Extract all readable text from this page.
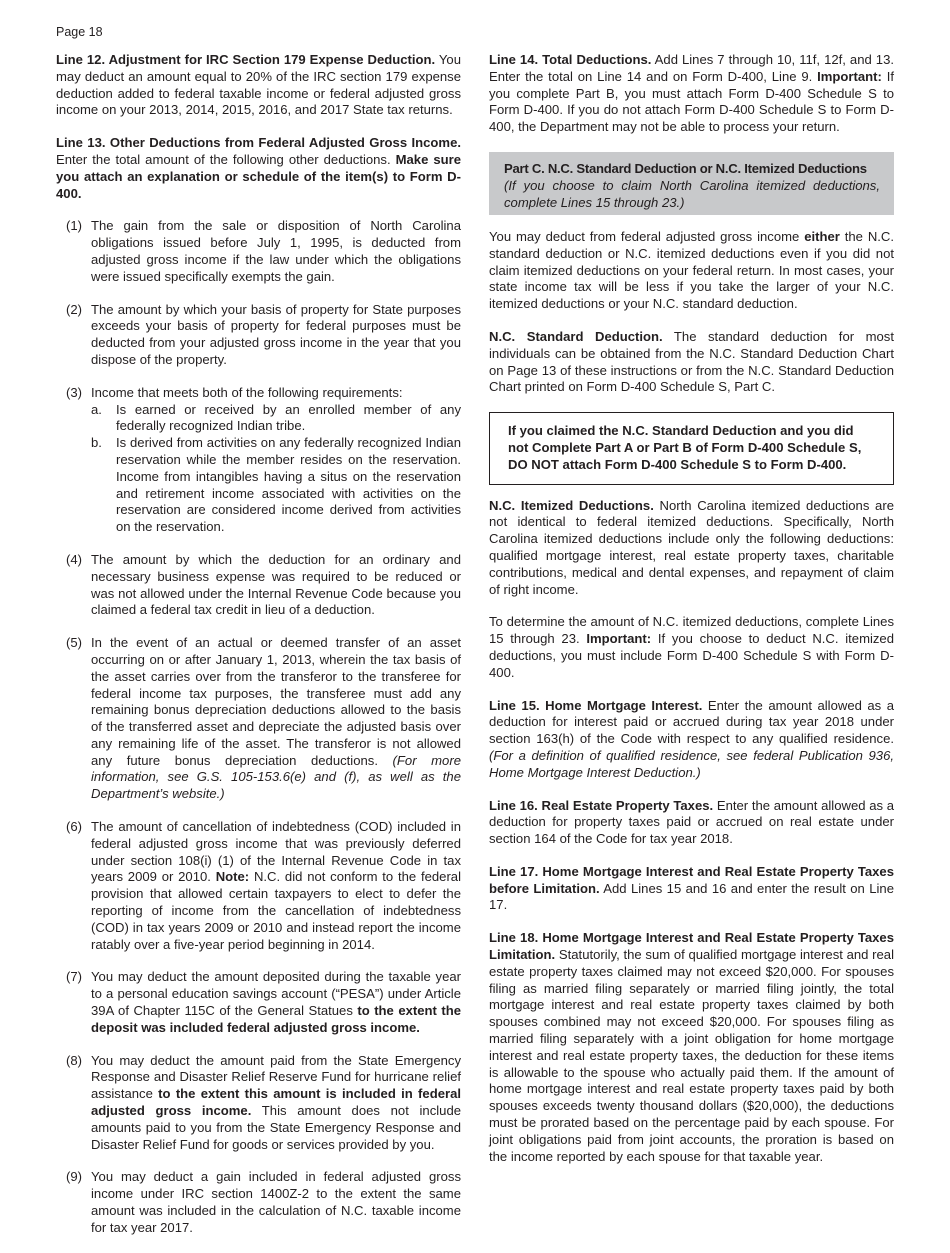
Page 18

Line 12. Adjustment for IRC Section 179 Expense Deduction. You may deduct an amount equal to 20% of the IRC section 179 expense deduction added to federal taxable income or federal adjusted gross income on your 2013, 2014, 2015, 2016, and 2017 State tax returns.

Line 13. Other Deductions from Federal Adjusted Gross Income. Enter the total amount of the following other deductions. Make sure you attach an explanation or schedule of the item(s) to Form D-400.

(1) The gain from the sale or disposition of North Carolina obligations issued before July 1, 1995, is deducted from adjusted gross income if the law under which the obligations were issued specifically exempts the gain.

(2) The amount by which your basis of property for State purposes exceeds your basis of property for federal purposes must be deducted from your adjusted gross income in the year that you dispose of the property.

(3) Income that meets both of the following requirements:

a.	Is earned or received by an enrolled member of any federally recognized Indian tribe.

b.	Is derived from activities on any federally recognized Indian reservation while the member resides on the reservation. Income from intangibles having a situs on the reservation and retirement income associated with activities on the reservation are considered income derived from activities on the reservation.

(4) The amount by which the deduction for an ordinary and necessary business expense was required to be reduced or was not allowed under the Internal Revenue Code because you claimed a federal tax credit in lieu of a deduction.

(5) In the event of an actual or deemed transfer of an asset occurring on or after January 1, 2013, wherein the tax basis of the asset carries over from the transferor to the transferee for federal income tax purposes, the transferee must add any remaining bonus depreciation deductions allowed to the basis of the transferred asset and depreciate the adjusted basis over any remaining life of the asset. The transferor is not allowed any future bonus depreciation deductions. (For more information, see G.S. 105-153.6(e) and (f), as well as the Department’s website.)

(6) The amount of cancellation of indebtedness (COD) included in federal adjusted gross income that was previously deferred under section 108(i) (1) of the Internal Revenue Code in tax years 2009 or 2010. Note: N.C. did not conform to the federal provision that allowed certain taxpayers to elect to defer the reporting of income from the cancellation of indebtedness (COD) in tax years 2009 or 2010 and instead report the income ratably over a five-year period beginning in 2014.

(7) You may deduct the amount deposited during the taxable year to a personal education savings account (“PESA”) under Article 39A of Chapter 115C of the General Statues to the extent the deposit was included federal adjusted gross income.

(8) You may deduct the amount paid from the State Emergency Response and Disaster Relief Reserve Fund for hurricane relief assistance to the extent this amount is included in federal adjusted gross income. This amount does not include amounts paid to you from the State Emergency Response and Disaster Relief Fund for goods or services provided by you.

(9) You may deduct a gain included in federal adjusted gross income under IRC section 1400Z-2 to the extent the same amount was included in the calculation of N.C. taxable income for tax year 2017.

Line 14. Total Deductions. Add Lines 7 through 10, 11f, 12f, and 13. Enter the total on Line 14 and on Form D-400, Line 9. Important: If you complete Part B, you must attach Form D-400 Schedule S to Form D-400. If you do not attach Form D-400 Schedule S to Form D-400, the Department may not be able to process your return.

Part C. N.C. Standard Deduction or N.C. Itemized Deductions
(If you choose to claim North Carolina itemized deductions, complete Lines 15 through 23.)

You may deduct from federal adjusted gross income either the N.C. standard deduction or N.C. itemized deductions even if you did not claim itemized deductions on your federal return. In most cases, your state income tax will be less if you take the larger of your N.C. itemized deductions or your N.C. standard deduction.

N.C. Standard Deduction. The standard deduction for most individuals can be obtained from the N.C. Standard Deduction Chart on Page 13 of these instructions or from the N.C. Standard Deduction Chart printed on Form D-400 Schedule S, Part C.

If you claimed the N.C. Standard Deduction and you did not Complete Part A or Part B of Form D-400 Schedule S, DO NOT attach Form D-400 Schedule S to Form D-400.

N.C. Itemized Deductions. North Carolina itemized deductions are not identical to federal itemized deductions. Specifically, North Carolina itemized deductions include only the following deductions: qualified mortgage interest, real estate property taxes, charitable contributions, medical and dental expenses, and repayment of claim of right income.

To determine the amount of N.C. itemized deductions, complete Lines 15 through 23. Important: If you choose to deduct N.C. itemized deductions, you must include Form D-400 Schedule S with Form D-400.

Line 15. Home Mortgage Interest. Enter the amount allowed as a deduction for interest paid or accrued during tax year 2018 under section 163(h) of the Code with respect to any qualified residence. (For a definition of qualified residence, see federal Publication 936, Home Mortgage Interest Deduction.)

Line 16. Real Estate Property Taxes. Enter the amount allowed as a deduction for property taxes paid or accrued on real estate under section 164 of the Code for tax year 2018.

Line 17. Home Mortgage Interest and Real Estate Property Taxes before Limitation. Add Lines 15 and 16 and enter the result on Line 17.

Line 18. Home Mortgage Interest and Real Estate Property Taxes Limitation. Statutorily, the sum of qualified mortgage interest and real estate property taxes claimed may not exceed $20,000. For spouses filing as married filing separately or married filing jointly, the total mortgage interest and real estate property taxes claimed by both spouses combined may not exceed $20,000. For spouses filing as married filing separately with a joint obligation for home mortgage interest and real estate property taxes, the deduction for these items is allowable to the spouse who actually paid them. If the amount of home mortgage interest and real estate property taxes paid by both spouses exceeds twenty thousand dollars ($20,000), the deductions must be prorated based on the percentage paid by each spouse. For joint obligations paid from joint accounts, the proration is based on the income reported by each spouse for that taxable year.
